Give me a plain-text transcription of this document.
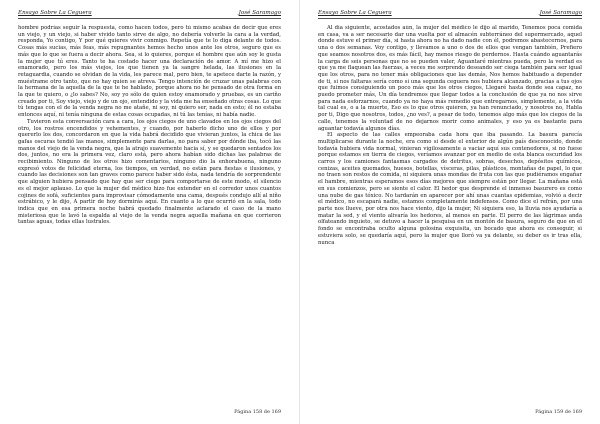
Ensayo Sobre La Ceguera	José Saramago

hombre podrías seguir la respuesta, como hacen todos, pero tú mismo acabas de decir que eres un viejo, y un viejo, si haber vivido tanto sirve de algo, no debería volverle la cara a la verdad, responda, Yo contigo, Y por qué quieres vivir conmigo. Repetía que te lo diga delante de todos. Cosas más sucias, más feas, más repugnantes hemos hecho unos ante los otros, seguro que es más que lo que se fuera a decir ahora. Sea, si lo quieres, porque el hombre que aún soy le gusta la mujer que tú eres. Tanto te ha costado hacer una declaración de amor. A mí me hizo el enamorado, pero los más viejos, los que tienen ya la sangre helada, las ilusiones en la retaguardia, cuando se olvidan de la vida, les parece mal, pero bien, te apetece darte la razón, y muéstrame otro tanto, que no hay quien se atreva. Tengo intención de cruzar unas palabras con la hermana de la aquella de la que te he hablado, porque ahora no he pensado de otra forma en la que te quiero, o ¿lo sabes? No, soy yo sólo de quien estoy enamorado y pruebas, es un cariño creado por ti, Soy viejo, viejo y de un ojo, entendido y la vida me ha enseñado otras cosas. Lo que tú tengas con el de la venda negra no me atañe, ni soy, ni quiero ser, nada en esto; él no estaba entonces aquí, ni tenía ninguna de estas cosas ocupadas, ni tú las tenías, ni había nadie.

Tuvieron esta conversación cara a cara, los ojos ciegos de uno clavados en los ojos ciegos del otro, los rostros encendidos y vehementes, y cuando, por haberlo dicho uno de ellos y por quererlo los dos, concordaron en que la vida habrá decidido que vivieran juntos, la chica de las gafas oscuras tendió las manos, simplemente para darlas, no para saber por dónde iba, tocó las manos del viejo de la venda negra, que la atrajo suavemente hacia sí, y se quedaron sentados los dos, juntos, no era la primera vez, claro está, pero ahora habían sido dichas las palabras de recibimiento. Ninguno de los otros hizo comentarios, ninguno dio la enhorabuena, ninguno expresó votos de felicidad eterna, los tiempos, en verdad, no están para fiestas e ilusiones, y cuando las decisiones son tan graves como parece haber sido ésta, nada tendría de sorprendente que alguien hubiera pensado que hay que ser ciego para comportarse de este modo, el silencio es el mejor aplauso. Lo que la mujer del médico hizo fue extender en el corredor unos cuantos cojines de sofá, suficientes para improvisar cómodamente una cama, después condujo allí al niño estrábico, y le dijo, A partir de hoy dormirás aquí. En cuanto a lo que ocurrió en la sala, todo indica que en esa primera noche habrá quedado finalmente aclarado el caso de la mano misteriosa que le lavó la espalda al viejo de la venda negra aquella mañana en que corrieron tantas aguas, todas ellas lustrales.

Página 158 de 169
Ensayo Sobre La Ceguera	José Saramago

Al día siguiente, acostados aún, la mujer del médico le dijo al marido, Tenemos poca comida en casa, va a ser necesario dar una vuelta por el almacén subterráneo del supermercado, aquel donde estuve el primer día, si hasta ahora no ha dado nadie con él, podremos abastecernos, para una o dos semanas. Voy contigo, y llevamos a uno o dos de ellos que vengan también, Prefiero que seamos nosotros dos, es más fácil, hay menos riesgo de perdernos. Hasta cuándo aguantarás la carga de seis personas que no se pueden valer, Aguantaré mientras pueda, pero la verdad es que ya me flaquean las fuerzas, a veces me sorprendo deseando ser ciega también para ser igual que los otros, para no tener más obligaciones que las demás, Nos hemos habituado a depender de ti, si nos faltaras sería como si una segunda ceguera nos hubiera alcanzado, gracias a tus ojos que fuimos consiguiendo un poco más que los otros ciegos, Llegaré hasta donde sea capaz, no puedo prometer más, Un día tendremos que llegar todos a la conclusión de que ya no nos sirve para nada esforzarnos, cuando ya no haya más remedio que entregarnos, simplemente, a la vida tal cual es, o a la muerte, Eso es lo que otros quieren, ya han renunciado, y nosotros no, Habla por ti, Digo que nosotros, todos, ¿no ves?, a pesar de todo, tenemos algo más que los ciegos de la calle, tenemos la voluntad de no dejarnos morir como animales, y eso ya es bastante para aguantar todavía algunos días.

El aspecto de las calles empeoraba cada hora que iba pasando. La basura parecía multiplicarse durante la noche, era como si desde el exterior de algún país desconocido, donde todavía hubiera vida normal, vinieran vigilosamente a vaciar aquí sus contenedores, si no fuese porque estamos en tierra de ciegos, veríamos avanzar por en medio de esta blanca oscuridad los carros y los camiones fantasmas cargados de detritus, sobras, desechos, depósitos químicos, cenizas, aceites quemados, huesos, botellas, vísceras, pilas, plásticos, montañas de papel, lo que no traen son restos de comida, ni siquiera unas mondas de fruta con las que pudiéramos engañar el hambre, mientras esperamos esos días mejores que siempre están por llegar. La mañana está en sus comienzos, pero se siente el calor. El hedor que desprende el inmenso basurero es como una nube de gas tóxico. No tardarán en aparecer por ahí unas cuantas epidemias, volvió a decir el médico, no escapará nadie, estamos completamente indefensos. Como dice el refrán, por una parte nos llueve, por otra nos hace viento, dijo la mujer, Ni siquiera eso, la lluvia nos ayudaría a matar la sed, y el viento alivaría los hedores, al menos en parte. El perro de las lágrimas anda olfateando inquieto, se detuvo a hacer la pesquisa en un montón de basura, seguro de que en el fondo se encontraba oculto alguna golosina exquisita, un bocado que ahora es conseguir, si estuviera solo, se quedaría aquí, pero la mujer que lloró va ya delante, su deber es ir tras ella, nunca

Página 159 de 169
